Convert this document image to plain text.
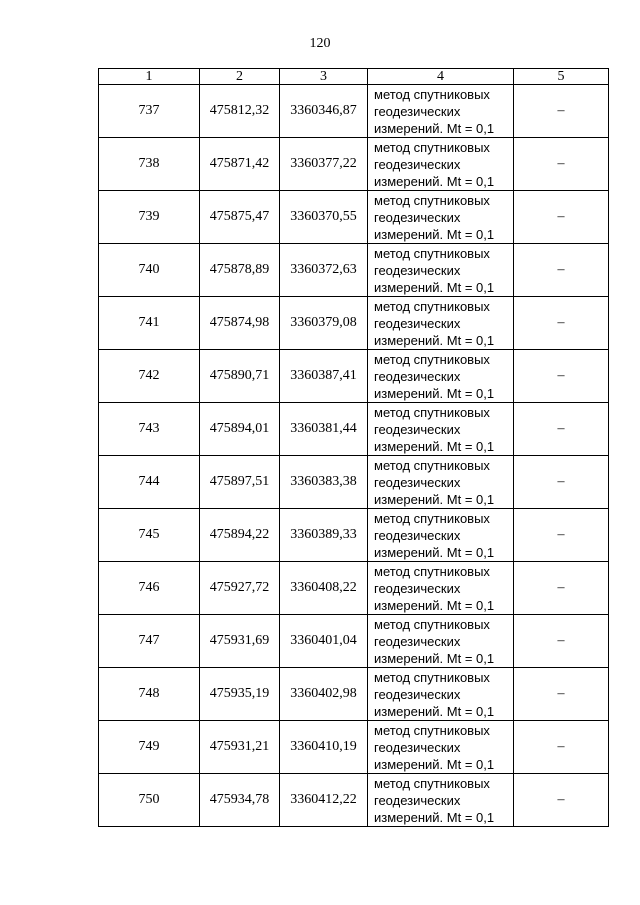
120
1	2	3	4	5
737	475812,32	3360346,87	метод спутниковых
геодезических
измерений. Mt = 0,1	–
738	475871,42	3360377,22	метод спутниковых
геодезических
измерений. Mt = 0,1	–
739	475875,47	3360370,55	метод спутниковых
геодезических
измерений. Mt = 0,1	–
740	475878,89	3360372,63	метод спутниковых
геодезических
измерений. Mt = 0,1	–
741	475874,98	3360379,08	метод спутниковых
геодезических
измерений. Mt = 0,1	–
742	475890,71	3360387,41	метод спутниковых
геодезических
измерений. Mt = 0,1	–
743	475894,01	3360381,44	метод спутниковых
геодезических
измерений. Mt = 0,1	–
744	475897,51	3360383,38	метод спутниковых
геодезических
измерений. Mt = 0,1	–
745	475894,22	3360389,33	метод спутниковых
геодезических
измерений. Mt = 0,1	–
746	475927,72	3360408,22	метод спутниковых
геодезических
измерений. Mt = 0,1	–
747	475931,69	3360401,04	метод спутниковых
геодезических
измерений. Mt = 0,1	–
748	475935,19	3360402,98	метод спутниковых
геодезических
измерений. Mt = 0,1	–
749	475931,21	3360410,19	метод спутниковых
геодезических
измерений. Mt = 0,1	–
750	475934,78	3360412,22	метод спутниковых
геодезических
измерений. Mt = 0,1	–
